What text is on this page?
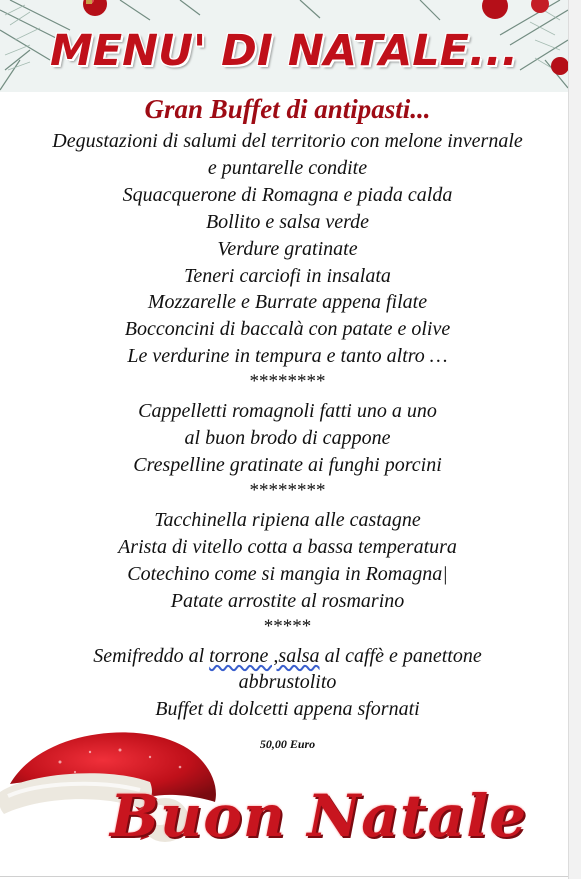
MENU' DI NATALE...
Gran Buffet di antipasti...
Degustazioni di salumi del territorio con melone invernale
e puntarelle condite
Squacquerone di Romagna e piada calda
Bollito e salsa verde
Verdure gratinate
Teneri carciofi in insalata
Mozzarelle e Burrate appena filate
Bocconcini di baccalà con patate e olive
Le verdurine in tempura e tanto altro …
********
Cappelletti romagnoli fatti uno a uno
al buon brodo di cappone
Crespelline gratinate ai funghi porcini
********
Tacchinella ripiena alle castagne
Arista di vitello cotta a bassa temperatura
Cotechino come si mangia in Romagna|
Patate arrostite al rosmarino
*****
Semifreddo al torrone ,salsa al caffè e panettone
abbrustolito
Buffet di dolcetti appena sfornati
50,00 Euro
Buon Natale
